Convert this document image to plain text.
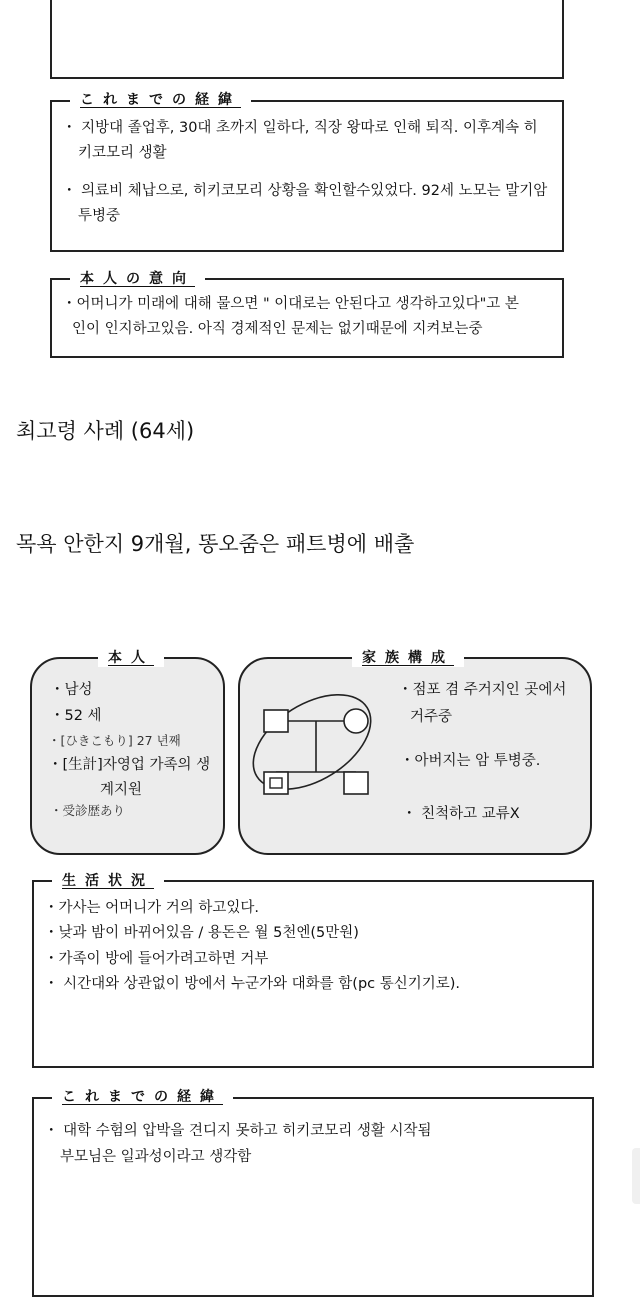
これまでの経緯
・ 지방대 졸업후, 30대 초까지 일하다, 직장 왕따로 인해 퇴직. 이후계속 히
키코모리 생활
・ 의료비 체납으로, 히키코모리 상황을 확인할수있었다. 92세 노모는 말기암
투병중
本人の意向
・어머니가 미래에 대해 물으면 " 이대로는 안된다고 생각하고있다"고 본
인이 인지하고있음. 아직 경제적인 문제는 없기때문에 지켜보는중
최고령 사례 (64세)
목욕 안한지 9개월, 똥오줌은 패트병에 배출
本人
・남성
・52 세
・[ひきこもり] 27 년째
・[生計]자영업 가족의 생
계지원
・受診歴あり
家族構成
・점포 겸 주거지인 곳에서
거주중
・아버지는 암 투병중.
・ 친척하고 교류X
生活状況
・가사는 어머니가 거의 하고있다.
・낮과 밤이 바뀌어있음 / 용돈은 월 5천엔(5만원)
・가족이 방에 들어가려고하면 거부
・ 시간대와 상관없이 방에서 누군가와 대화를 함(pc 통신기기로).
これまでの経緯
・ 대학 수험의 압박을 견디지 못하고 히키코모리 생활 시작됨
부모님은 일과성이라고 생각함
